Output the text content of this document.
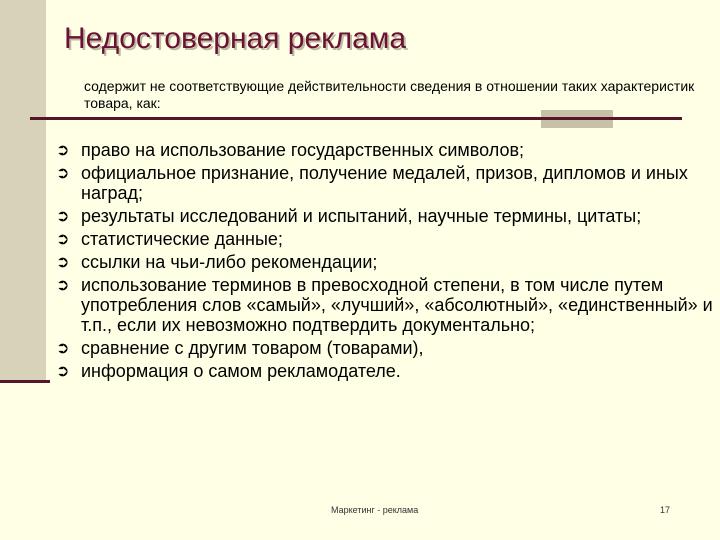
Недостоверная реклама

содержит не соответствующие действительности сведения в отношении таких характеристик товара, как:

➲ право на использование государственных символов;
➲ официальное признание, получение медалей, призов, дипломов и иных наград;
➲ результаты исследований и испытаний, научные термины, цитаты;
➲ статистические данные;
➲ ссылки на чьи-либо рекомендации;
➲ использование терминов в превосходной степени, в том числе путем употребления слов «самый», «лучший», «абсолютный», «единственный» и т.п., если их невозможно подтвердить документально;
➲ сравнение с другим товаром (товарами),
➲ информация о самом рекламодателе.
Маркетинг - реклама	17
